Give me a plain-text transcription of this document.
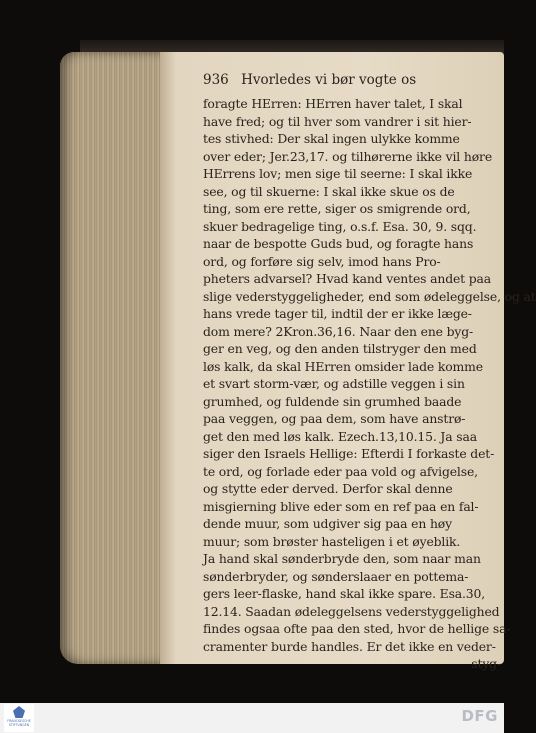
936 Hvorledes vi bør vogte os
foragte HErren: HErren haver talet, I skal
have fred; og til hver som vandrer i sit hier-
tes stivhed: Der skal ingen ulykke komme
over eder; Jer.23,17. og tilhørerne ikke vil høre
HErrens lov; men sige til seerne: I skal ikke
see, og til skuerne: I skal ikke skue os de
ting, som ere rette, siger os smigrende ord,
skuer bedragelige ting, o.s.f. Esa. 30, 9. sqq.
naar de bespotte Guds bud, og foragte hans
ord, og forføre sig selv, imod hans Pro-
pheters advarsel? Hvad kand ventes andet paa
slige vederstyggeligheder, end som ødeleggelse, og at
hans vrede tager til, indtil der er ikke læge-
dom mere? 2Kron.36,16. Naar den ene byg-
ger en veg, og den anden tilstryger den med
løs kalk, da skal HErren omsider lade komme
et svart storm-vær, og adstille veggen i sin
grumhed, og fuldende sin grumhed baade
paa veggen, og paa dem, som have anstrø-
get den med løs kalk. Ezech.13,10.15. Ja saa
siger den Israels Hellige: Efterdi I forkaste det-
te ord, og forlade eder paa vold og afvigelse,
og stytte eder derved. Derfor skal denne
misgierning blive eder som en ref paa en fal-
dende muur, som udgiver sig paa en høy
muur; som brøster hasteligen i et øyeblik.
Ja hand skal sønderbryde den, som naar man
sønderbryder, og sønderslaaer en pottema-
gers leer-flaske, hand skal ikke spare. Esa.30,
12.14. Saadan ødeleggelsens vederstyggelighed
findes ogsaa ofte paa den sted, hvor de hellige sa-
cramenter burde handles. Er det ikke en veder-
styg-
FRANCKESCHE STIFTUNGEN	DFG
